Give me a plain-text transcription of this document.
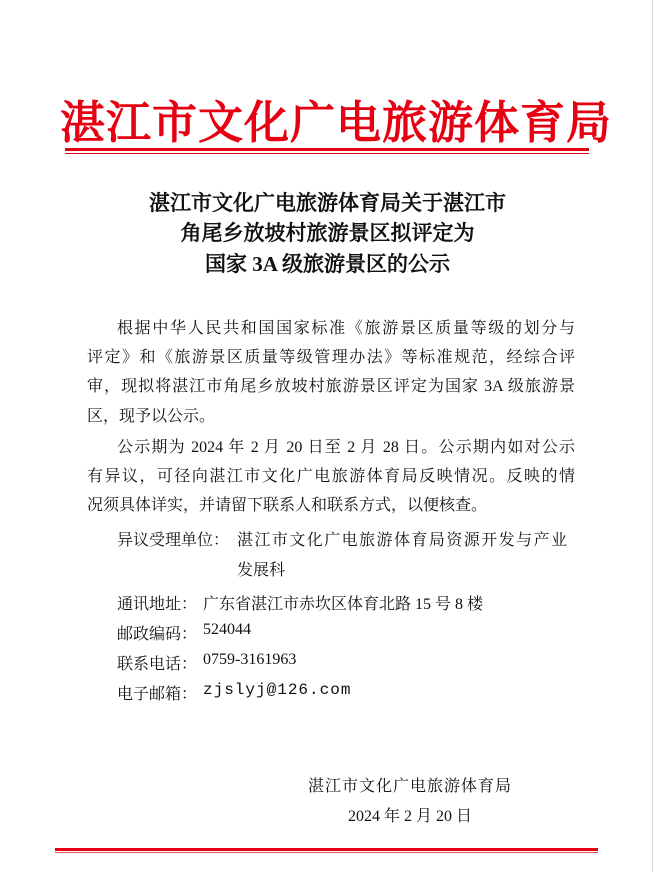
湛江市文化广电旅游体育局
湛江市文化广电旅游体育局关于湛江市
角尾乡放坡村旅游景区拟评定为
国家 3A 级旅游景区的公示
根据中华人民共和国国家标准《旅游景区质量等级的划分与
评定》和《旅游景区质量等级管理办法》等标准规范，经综合评
审，现拟将湛江市角尾乡放坡村旅游景区评定为国家 3A 级旅游景
区，现予以公示。
公示期为 2024 年 2 月 20 日至 2 月 28 日。公示期内如对公示
有异议，可径向湛江市文化广电旅游体育局反映情况。反映的情
况须具体详实，并请留下联系人和联系方式，以便核查。
异议受理单位： 湛江市文化广电旅游体育局资源开发与产业
发展科
通讯地址： 广东省湛江市赤坎区体育北路 15 号 8 楼
邮政编码： 524044
联系电话： 0759-3161963
电子邮箱： zjslyj@126.com
湛江市文化广电旅游体育局
2024 年 2 月 20 日
